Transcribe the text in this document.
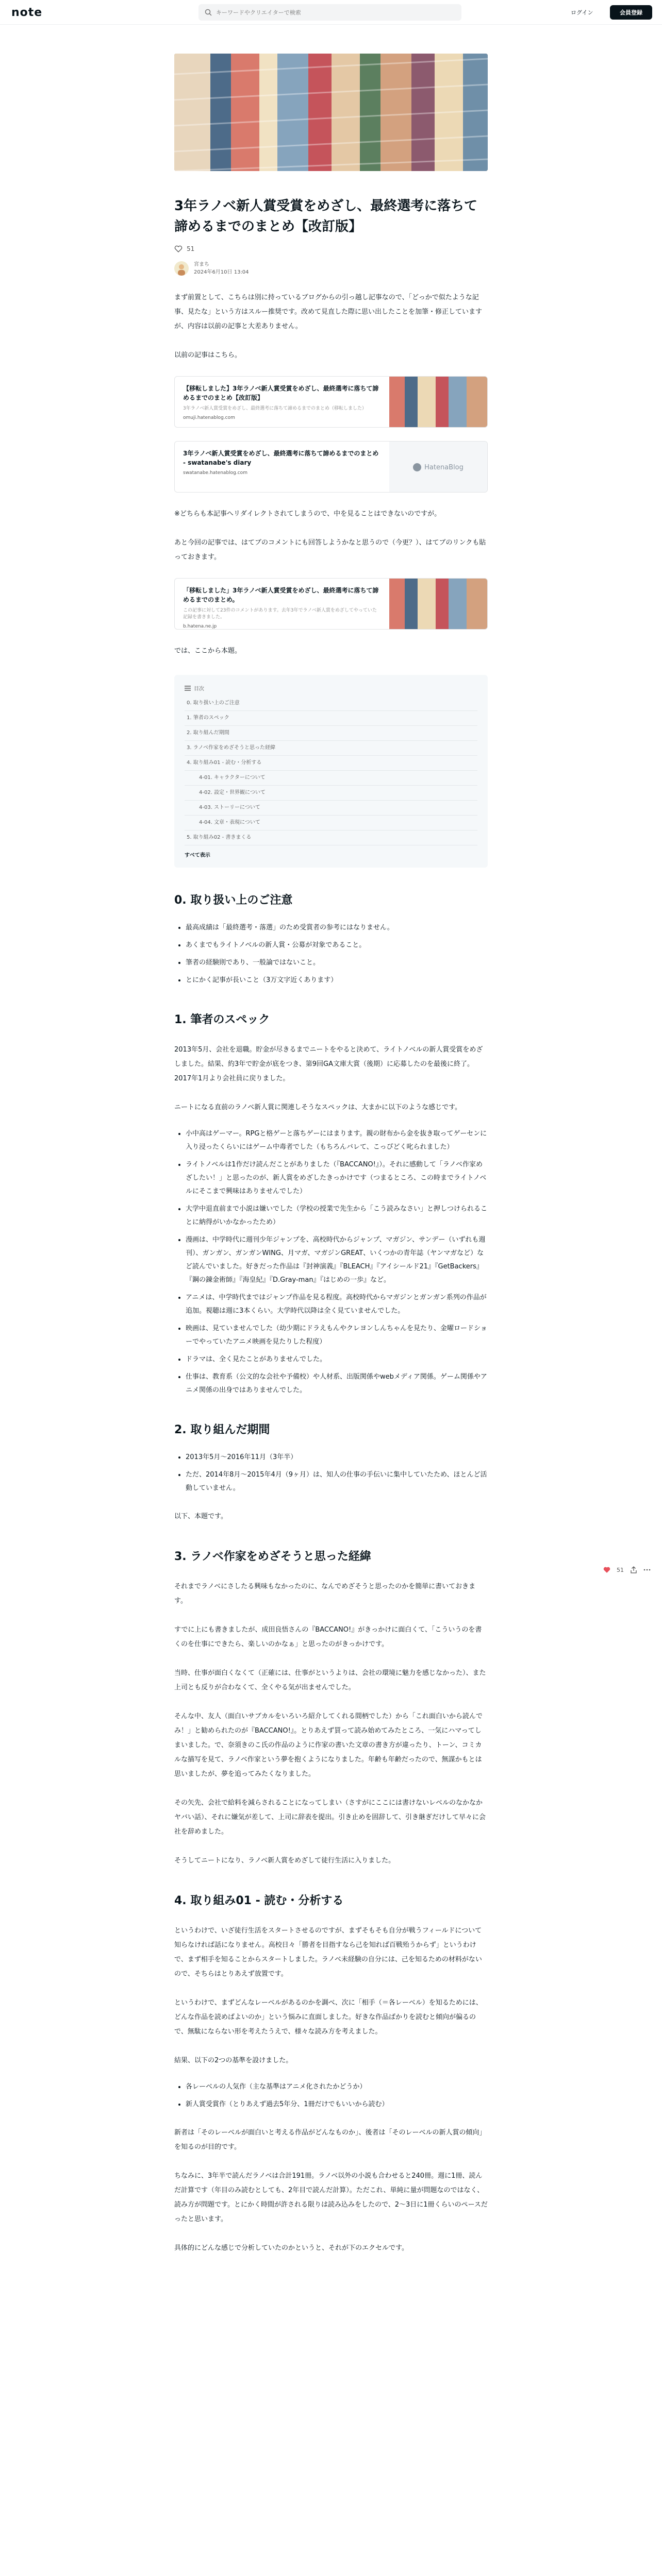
note
キーワードやクリエイターで検索	ログイン	会員登録
3年ラノベ新人賞受賞をめざし、最終選考に落ちて諦めるまでのまとめ【改訂版】
51
宮まち
2024年6月10日 13:04

まず前置として、こちらは別に持っているブログからの引っ越し記事なので、「どっかで似たような記事、見たな」という方はスルー推奨です。改めて見直した際に思い出したことを加筆・修正していますが、内容は以前の記事と大差ありません。

以前の記事はこちら。

【移転しました】3年ラノベ新人賞受賞をめざし、最終選考に落ちて諦めるまでのまとめ【改訂版】
3年ラノベ新人賞受賞をめざし、最終選考に落ちて諦めるまでのまとめ（移転しました）
omuji.hatenablog.com
3年ラノベ新人賞受賞をめざし、最終選考に落ちて諦めるまでのまとめ - swatanabe's diary
swatanabe.hatenablog.com
HatenaBlog

※どちらも本記事へリダイレクトされてしまうので、中を見ることはできないのですが。

あと今回の記事では、はてブのコメントにも回答しようかなと思うので（今更？）、はてブのリンクも貼っておきます。

「移転しました」3年ラノベ新人賞受賞をめざし、最終選考に落ちて諦めるまでのまとめ。
この記事に対して23件のコメントがあります。去年3年でラノベ新人賞をめざしてやっていた記録を書きました。
b.hatena.ne.jp

では、ここから本題。

目次
0. 取り扱い上のご注意
1. 筆者のスペック
2. 取り組んだ期間
3. ラノベ作家をめざそうと思った経緯
4. 取り組み01 - 読む・分析する
4-01. キャラクターについて
4-02. 設定・世界観について
4-03. ストーリーについて
4-04. 文章・表現について
5. 取り組み02 - 書きまくる
すべて表示
0. 取り扱い上のご注意
• 最高成績は「最終選考・落選」のため受賞者の参考にはなりません。
• あくまでもライトノベルの新人賞・公募が対象であること。
• 筆者の経験則であり、一般論ではないこと。
• とにかく記事が長いこと（3万文字近くあります）
1. 筆者のスペック

2013年5月、会社を退職。貯金が尽きるまでニートをやると決めて、ライトノベルの新人賞受賞をめざしました。結果、約3年で貯金が底をつき、第9回GA文庫大賞（後期）に応募したのを最後に終了。2017年1月より会社員に戻りました。

ニートになる直前のラノベ新人賞に関連しそうなスペックは、大まかに以下のような感じです。

• 小中高はゲーマー。RPGと格ゲーと落ちゲーにはまります。親の財布から金を抜き取ってゲーセンに入り浸ったくらいにはゲーム中毒者でした（もちろんバレて、こっぴどく叱られました）
• ライトノベルは1作だけ読んだことがありました（『BACCANO!』）。それに感動して「ラノベ作家めざしたい！」と思ったのが、新人賞をめざしたきっかけです（つまるところ、この時までライトノベルにそこまで興味はありませんでした）
• 大学中退直前まで小説は嫌いでした（学校の授業で先生から「こう読みなさい」と押しつけられることに納得がいかなかったため）
• 漫画は、中学時代に週刊少年ジャンプを、高校時代からジャンプ、マガジン、サンデー（いずれも週刊）、ガンガン、ガンガンWING、月マガ、マガジンGREAT、いくつかの青年誌（ヤンマガなど）など読んでいました。好きだった作品は『封神演義』『BLEACH』『アイシールド21』『GetBackers』『鋼の錬金術師』『海皇紀』『D.Gray-man』『はじめの一歩』など。
• アニメは、中学時代まではジャンプ作品を見る程度。高校時代からマガジンとガンガン系列の作品が追加。視聴は週に3本くらい。大学時代以降は全く見ていませんでした。
• 映画は、見ていませんでした（幼少期にドラえもんやクレヨンしんちゃんを見たり、金曜ロードショーでやっていたアニメ映画を見たりした程度）
• ドラマは、全く見たことがありませんでした。
• 仕事は、教育系（公文的な会社や予備校）や人材系、出版関係やwebメディア関係。ゲーム関係やアニメ関係の出身ではありませんでした。
2. 取り組んだ期間
• 2013年5月〜2016年11月（3年半）
• ただ、2014年8月〜2015年4月（9ヶ月）は、知人の仕事の手伝いに集中していたため、ほとんど活動していません。

以下、本題です。

3. ラノベ作家をめざそうと思った経緯

それまでラノベにさしたる興味もなかったのに、なんでめざそうと思ったのかを簡単に書いておきます。

すでに上にも書きましたが、成田良悟さんの『BACCANO!』がきっかけに面白くて、「こういうのを書くのを仕事にできたら、楽しいのかなぁ」と思ったのがきっかけです。

当時、仕事が面白くなくて（正確には、仕事がというよりは、会社の環境に魅力を感じなかった）、また上司とも反りが合わなくて、全くやる気が出ませんでした。

そんな中、友人（面白いサブカルをいろいろ紹介してくれる間柄でした）から「これ面白いから読んでみ！」と勧められたのが『BACCANO!』。とりあえず買って読み始めてみたところ、一気にハマってしまいました。で、奈須きのこ氏の作品のように作家の書いた文章の書き方が違ったり、トーン、コミカルな描写を見て、ラノベ作家という夢を抱くようになりました。年齢も年齢だったので、無謀かもとは思いましたが、夢を追ってみたくなりました。

その矢先、会社で給料を減らされることになってしまい（さすがにここには書けないレベルのなかなかヤバい話）、それに嫌気が差して、上司に辞表を提出。引き止めを固辞して、引き継ぎだけして早々に会社を辞めました。

そうしてニートになり、ラノベ新人賞をめざして徒行生活に入りました。

4. 取り組み01 - 読む・分析する

というわけで、いざ徒行生活をスタートさせるのですが、まずそもそも自分が戦うフィールドについて知らなければ話になりません。高校日々「勝者を目指すなら己を知れば百戦殆うからず」というわけで、まず相手を知ることからスタートしました。ラノベ未経験の自分には、己を知るための材料がないので、そちらはとりあえず放置です。

というわけで、まずどんなレーベルがあるのかを調べ、次に「相手（＝各レーベル）を知るためには、どんな作品を読めばよいのか」という悩みに直面しました。好きな作品ばかりを読むと傾向が偏るので、無駄にならない形を考えたうえで、様々な読み方を考えました。

結果、以下の2つの基準を設けました。

• 各レーベルの人気作（主な基準はアニメ化されたかどうか）
• 新人賞受賞作（とりあえず過去5年分、1冊だけでもいいから読む）

新者は「そのレーベルが面白いと考える作品がどんなものか」、後者は「そのレーベルの新人賞の傾向」を知るのが目的です。

ちなみに、3年半で読んだラノベは合計191冊。ラノベ以外の小説も合わせると240冊。週に1冊、読んだ計算です（年目のみ読むとしても、2年目で読んだ計算）。ただこれ、単純に量が問題なのではなく、読み方が問題です。とにかく時間が許される限りは読み込みをしたので、2〜3日に1冊くらいのペースだったと思います。

具体的にどんな感じで分析していたのかというと、それが下のエクセルです。

51
